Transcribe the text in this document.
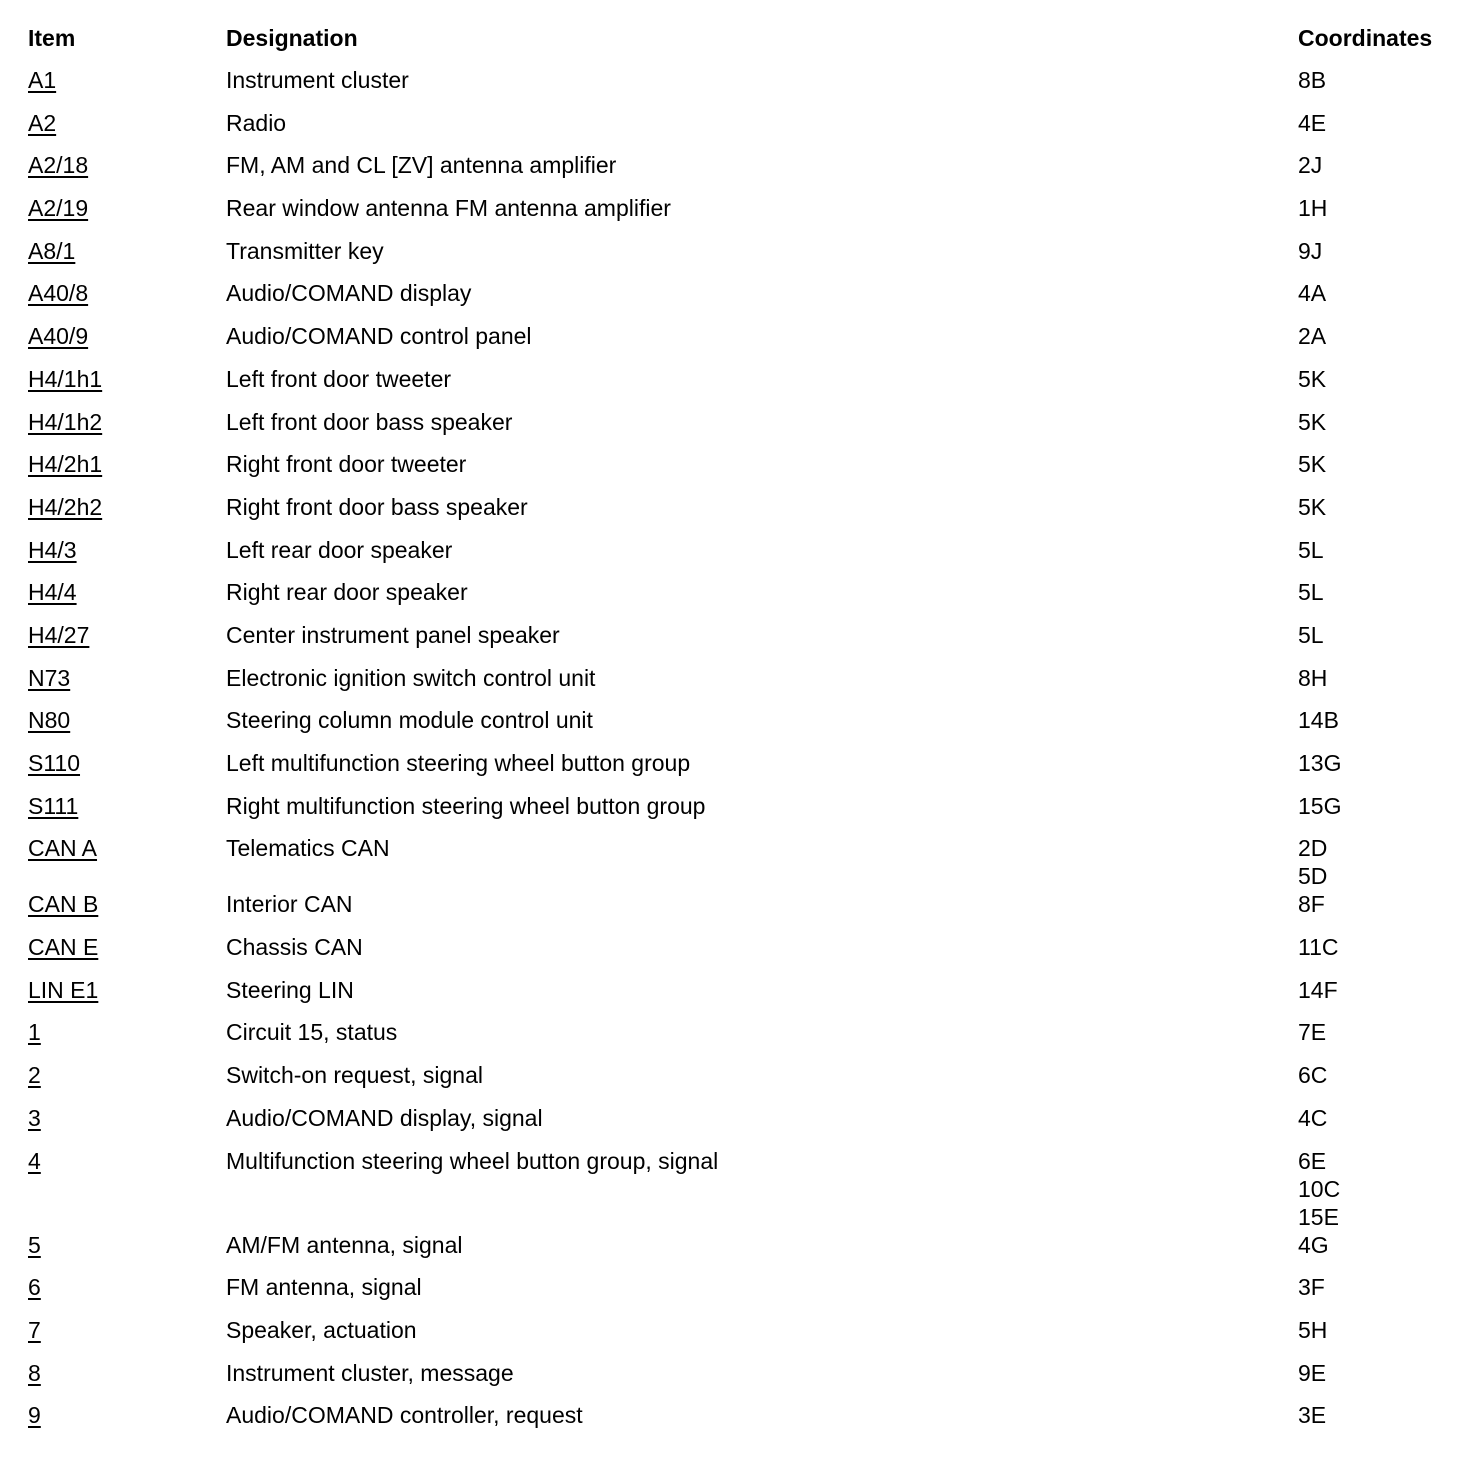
Item	Designation	Coordinates
A1	Instrument cluster	8B
A2	Radio	4E
A2/18	FM, AM and CL [ZV] antenna amplifier	2J
A2/19	Rear window antenna FM antenna amplifier	1H
A8/1	Transmitter key	9J
A40/8	Audio/COMAND display	4A
A40/9	Audio/COMAND control panel	2A
H4/1h1	Left front door tweeter	5K
H4/1h2	Left front door bass speaker	5K
H4/2h1	Right front door tweeter	5K
H4/2h2	Right front door bass speaker	5K
H4/3	Left rear door speaker	5L
H4/4	Right rear door speaker	5L
H4/27	Center instrument panel speaker	5L
N73	Electronic ignition switch control unit	8H
N80	Steering column module control unit	14B
S110	Left multifunction steering wheel button group	13G
S111	Right multifunction steering wheel button group	15G
CAN A	Telematics CAN	2D
5D
CAN B	Interior CAN	8F
CAN E	Chassis CAN	11C
LIN E1	Steering LIN	14F
1	Circuit 15, status	7E
2	Switch-on request, signal	6C
3	Audio/COMAND display, signal	4C
4	Multifunction steering wheel button group, signal	6E
10C
15E
5	AM/FM antenna, signal	4G
6	FM antenna, signal	3F
7	Speaker, actuation	5H
8	Instrument cluster, message	9E
9	Audio/COMAND controller, request	3E
